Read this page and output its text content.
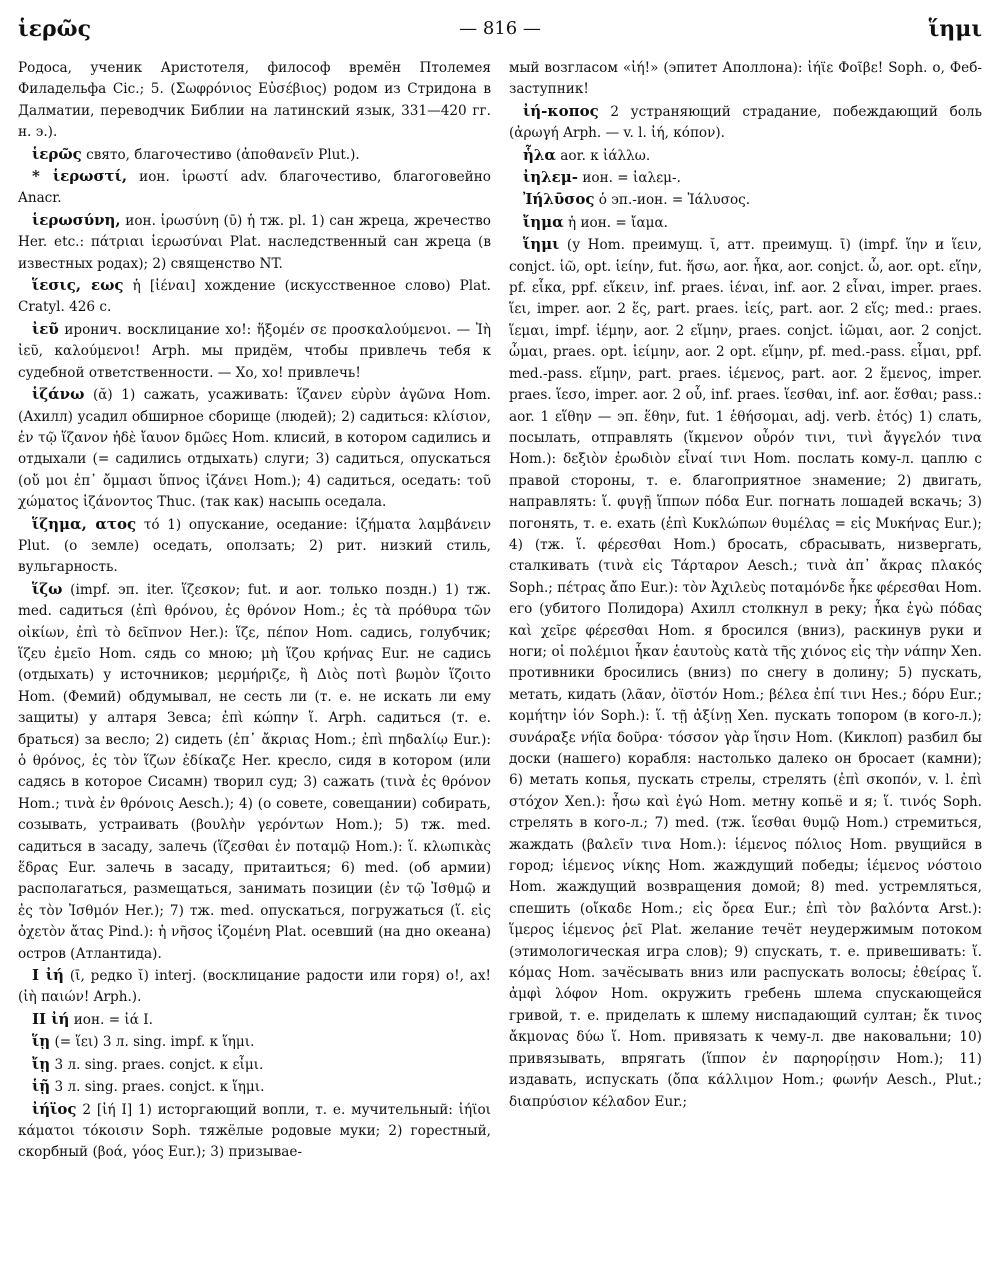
ἱερῶς	— 816 —	ἵημι

Родоса, ученик Аристотеля, философ времён Птолемея Филадельфа Cic.; 5. (Σωφρόνιος Εὐσέβιος) родом из Стридона в Далматии, переводчик Библии на латинский язык, 331—420 гг. н. э.).

ἱερῶς свято, благочестиво (ἀποθανεῖν Plut.).

* ἱερωστί, ион. ἱρωστί adv. благочестиво, благоговейно Anacr.

ἱερωσύνη, ион. ἱρωσύνη (ῡ) ἡ тж. pl. 1) сан жреца, жречество Her. etc.: πάτριαι ἱερωσύναι Plat. наследственный сан жреца (в известных родах); 2) священство NT.

ἵεσις, εως ἡ [ἱέναι] хождение (искусственное слово) Plat. Cratyl. 426 c.

ἰεῦ иронич. восклицание хо!: ἥξομέν σε προσκαλούμενοι. — Ἰὴ ἰεῦ, καλούμενοι! Arph. мы придём, чтобы привлечь тебя к судебной ответственности. — Хо, хо! привлечь!

ἱζάνω (ᾰ) 1) сажать, усаживать: ἵζανεν εὐρὺν ἀγῶνα Hom. (Ахилл) усадил обширное сборище (людей); 2) садиться: κλίσιον, ἐν τῷ ἵζανον ἠδὲ ἴαυον δμῶες Hom. клисий, в котором садились и отдыхали (= садились отдыхать) слуги; 3) садиться, опускаться (οὔ μοι ἐπ᾽ ὄμμασι ὕπνος ἱζάνει Hom.); 4) садиться, оседать: τοῦ χώματος ἱζάνοντος Thuc. (так как) насыпь оседала.

ἵζημα, ατος τό 1) опускание, оседание: ἱζήματα λαμβάνειν Plut. (о земле) оседать, оползать; 2) рит. низкий стиль, вульгарность.

ἵζω (impf. эп. iter. ἵζεσκον; fut. и aor. только поздн.) 1) тж. med. садиться (ἐπὶ θρόνου, ἐς θρόνον Hom.; ἐς τὰ πρόθυρα τῶν οἰκίων, ἐπὶ τὸ δεῖπνον Her.): ἵζε, πέπον Hom. садись, голубчик; ἵζευ ἐμεῖο Hom. сядь со мною; μὴ ἵζου κρήνας Eur. не садись (отдыхать) у источников; μερμήριζε, ἢ Διὸς ποτὶ βωμὸν ἵζοιτο Hom. (Фемий) обдумывал, не сесть ли (т. е. не искать ли ему защиты) у алтаря Зевса; ἐπὶ κώπην ἵ. Arph. садиться (т. е. браться) за весло; 2) сидеть (ἐπ᾽ ἄκριας Hom.; ἐπὶ πηδαλίῳ Eur.): ὁ θρόνος, ἐς τὸν ἵζων ἐδίκαζε Her. кресло, сидя в котором (или садясь в которое Сисамн) творил суд; 3) сажать (τινὰ ἐς θρόνον Hom.; τινὰ ἐν θρόνοις Aesch.); 4) (о совете, совещании) собирать, созывать, устраивать (βουλὴν γερόντων Hom.); 5) тж. med. садиться в засаду, залечь (ἵζεσθαι ἐν ποταμῷ Hom.): ἵ. κλωπικὰς ἕδρας Eur. залечь в засаду, притаиться; 6) med. (об армии) располагаться, размещаться, занимать позиции (ἐν τῷ Ἰσθμῷ и ἐς τὸν Ἰσθμόν Her.); 7) тж. med. опускаться, погружаться (ἵ. εἰς ὀχετὸν ἄτας Pind.): ἡ νῆσος ἱζομένη Plat. осевший (на дно океана) остров (Атлантида).

I ἰή (ῑ, редко ῐ) interj. (восклицание радости или горя) о!, ах! (ἰὴ παιών! Arph.).

II ἰή ион. = ἰά I.

ἵῃ (= ἵει) 3 л. sing. impf. к ἵημι.

ἴῃ 3 л. sing. praes. conjct. к εἶμι.

ἱῇ 3 л. sing. praes. conjct. к ἵημι.

ἰήϊος 2 [ἰή I] 1) исторгающий вопли, т. е. мучительный: ἰήϊοι κάματοι τόκοισιν Soph. тяжёлые родовые муки; 2) горестный, скорбный (βοά, γόος Eur.); 3) призывае-

мый возгласом «ἰή!» (эпитет Аполлона): ἰήϊε Φοῖβε! Soph. о, Феб-заступник!

ἰή-κοπος 2 устраняющий страдание, побеждающий боль (ἀρωγή Arph. — v. l. ἰή, κόπον).

ἧλα aor. к ἰάλλω.

ἰηλεμ- ион. = ἰαλεμ-.

Ἰήλῡσος ὁ эп.-ион. = Ἰάλυσος.

ἴημα ἡ ион. = ἴαμα.

ἵημι (у Hom. преимущ. ῐ, атт. преимущ. ῑ) (impf. ἵην и ἵειν, conjct. ἱῶ, opt. ἱείην, fut. ἥσω, aor. ἧκα, aor. conjct. ὧ, aor. opt. εἵην, pf. εἷκα, ppf. εἵκειν, inf. praes. ἱέναι, inf. aor. 2 εἶναι, imper. praes. ἵει, imper. aor. 2 ἕς, part. praes. ἱείς, part. aor. 2 εἵς; med.: praes. ἵεμαι, impf. ἱέμην, aor. 2 εἵμην, praes. conjct. ἱῶμαι, aor. 2 conjct. ὧμαι, praes. opt. ἱείμην, aor. 2 opt. εἵμην, pf. med.-pass. εἷμαι, ppf. med.-pass. εἵμην, part. praes. ἱέμενος, part. aor. 2 ἕμενος, imper. praes. ἵεσο, imper. aor. 2 οὗ, inf. praes. ἵεσθαι, inf. aor. ἕσθαι; pass.: aor. 1 εἵθην — эп. ἕθην, fut. 1 ἑθήσομαι, adj. verb. ἑτός) 1) слать, посылать, отправлять (ἴκμενον οὖρόν τινι, τινὶ ἄγγελόν τινα Hom.): δεξιὸν ἐρωδιὸν εἶναί τινι Hom. послать кому-л. цаплю с правой стороны, т. е. благоприятное знамение; 2) двигать, направлять: ἵ. φυγῇ ἵππων πόδα Eur. погнать лошадей вскачь; 3) погонять, т. е. ехать (ἐπὶ Κυκλώπων θυμέλας = εἰς Μυκήνας Eur.); 4) (тж. ἵ. φέρεσθαι Hom.) бросать, сбрасывать, низвергать, сталкивать (τινὰ εἰς Τάρταρον Aesch.; τινὰ ἀπ᾽ ἄκρας πλακός Soph.; πέτρας ἄπο Eur.): τὸν Ἀχιλεὺς ποταμόνδε ἧκε φέρεσθαι Hom. его (убитого Полидора) Ахилл столкнул в реку; ἧκα ἐγὼ πόδας καὶ χεῖρε φέρεσθαι Hom. я бросился (вниз), раскинув руки и ноги; οἱ πολέμιοι ἧκαν ἑαυτοὺς κατὰ τῆς χιόνος εἰς τὴν νάπην Xen. противники бросились (вниз) по снегу в долину; 5) пускать, метать, кидать (λᾶαν, ὀϊστόν Hom.; βέλεα ἐπί τινι Hes.; δόρυ Eur.; κομήτην ἰόν Soph.): ἵ. τῇ ἀξίνῃ Xen. пускать топором (в кого-л.); συνάραξε νήϊα δοῦρα· τόσσον γὰρ ἵησιν Hom. (Киклоп) разбил бы доски (нашего) корабля: настолько далеко он бросает (камни); 6) метать копья, пускать стрелы, стрелять (ἐπὶ σκοπόν, v. l. ἐπὶ στόχον Xen.): ἧσω καὶ ἐγώ Hom. метну копьё и я; ἵ. τινός Soph. стрелять в кого-л.; 7) med. (тж. ἵεσθαι θυμῷ Hom.) стремиться, жаждать (βαλεῖν τινα Hom.): ἱέμενος πόλιος Hom. рвущийся в город; ἱέμενος νίκης Hom. жаждущий победы; ἱέμενος νόστοιο Hom. жаждущий возвращения домой; 8) med. устремляться, спешить (οἴκαδε Hom.; εἰς ὄρεα Eur.; ἐπὶ τὸν βαλόντα Arst.): ἵμερος ἱέμενος ῥεῖ Plat. желание течёт неудержимым потоком (этимологическая игра слов); 9) спускать, т. е. привешивать: ἵ. κόμας Hom. зачёсывать вниз или распускать волосы; ἐθείρας ἵ. ἀμφὶ λόφον Hom. окружить гребень шлема спускающейся гривой, т. е. приделать к шлему ниспадающий султан; ἔκ τινος ἄκμονας δύω ἵ. Hom. привязать к чему-л. две наковальни; 10) привязывать, впрягать (ἵππον ἐν παρηορίῃσιν Hom.); 11) издавать, испускать (ὄπα κάλλιμον Hom.; φωνήν Aesch., Plut.; διαπρύσιον κέλαδον Eur.;
